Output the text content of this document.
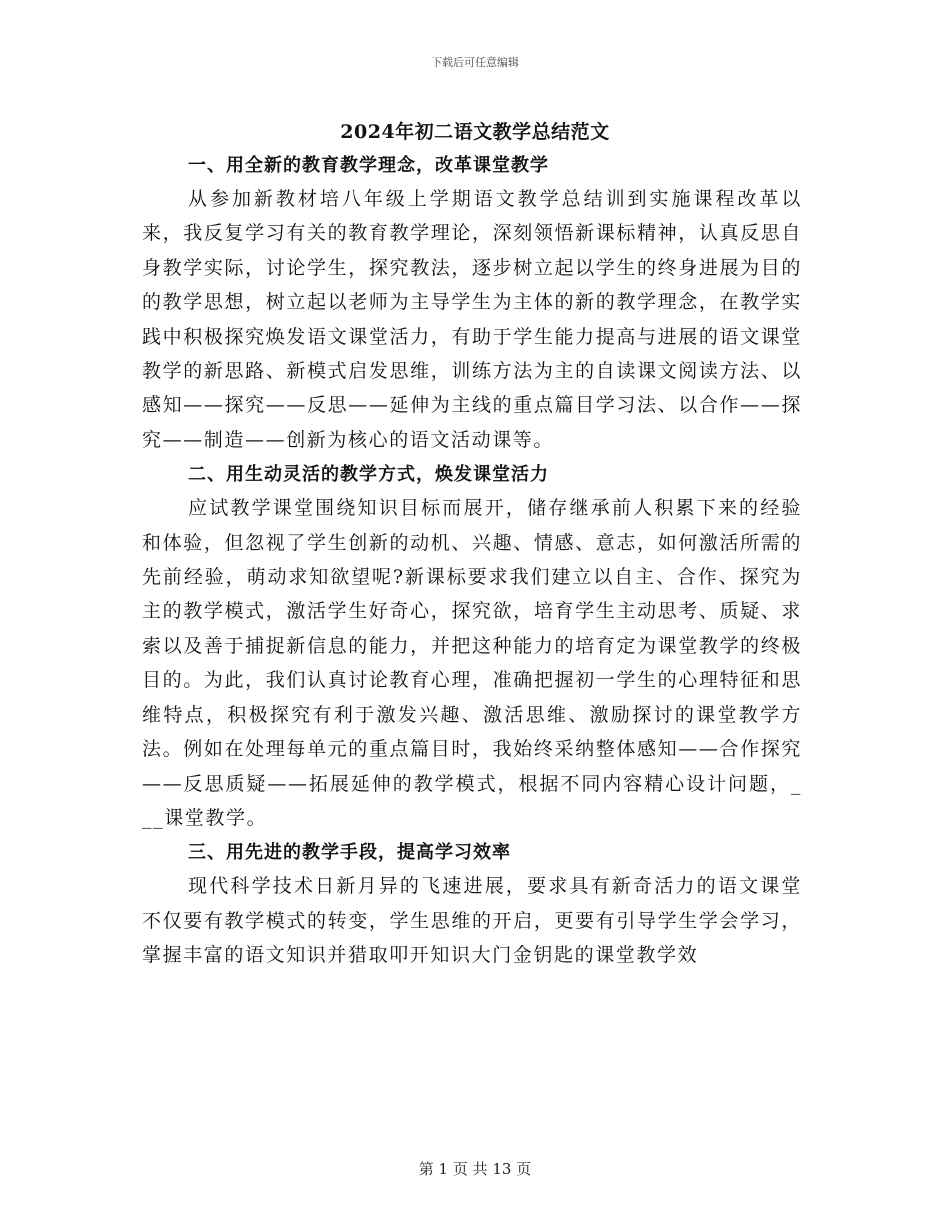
下载后可任意编辑
2024年初二语文教学总结范文
一、用全新的教育教学理念，改革课堂教学

从参加新教材培八年级上学期语文教学总结训到实施课程改革以来，我反复学习有关的教育教学理论，深刻领悟新课标精神，认真反思自身教学实际，讨论学生，探究教法，逐步树立起以学生的终身进展为目的的教学思想，树立起以老师为主导学生为主体的新的教学理念，在教学实践中积极探究焕发语文课堂活力，有助于学生能力提高与进展的语文课堂教学的新思路、新模式启发思维，训练方法为主的自读课文阅读方法、以感知——探究——反思——延伸为主线的重点篇目学习法、以合作——探究——制造——创新为核心的语文活动课等。

二、用生动灵活的教学方式，焕发课堂活力

应试教学课堂围绕知识目标而展开，储存继承前人积累下来的经验和体验，但忽视了学生创新的动机、兴趣、情感、意志，如何激活所需的先前经验，萌动求知欲望呢?新课标要求我们建立以自主、合作、探究为主的教学模式，激活学生好奇心，探究欲，培育学生主动思考、质疑、求索以及善于捕捉新信息的能力，并把这种能力的培育定为课堂教学的终极目的。为此，我们认真讨论教育心理，准确把握初一学生的心理特征和思维特点，积极探究有利于激发兴趣、激活思维、激励探讨的课堂教学方法。例如在处理每单元的重点篇目时，我始终采纳整体感知——合作探究——反思质疑——拓展延伸的教学模式，根据不同内容精心设计问题，___课堂教学。

三、用先进的教学手段，提高学习效率

现代科学技术日新月异的飞速进展，要求具有新奇活力的语文课堂不仅要有教学模式的转变，学生思维的开启，更要有引导学生学会学习，掌握丰富的语文知识并猎取叩开知识大门金钥匙的课堂教学效

第 1 页 共 13 页
